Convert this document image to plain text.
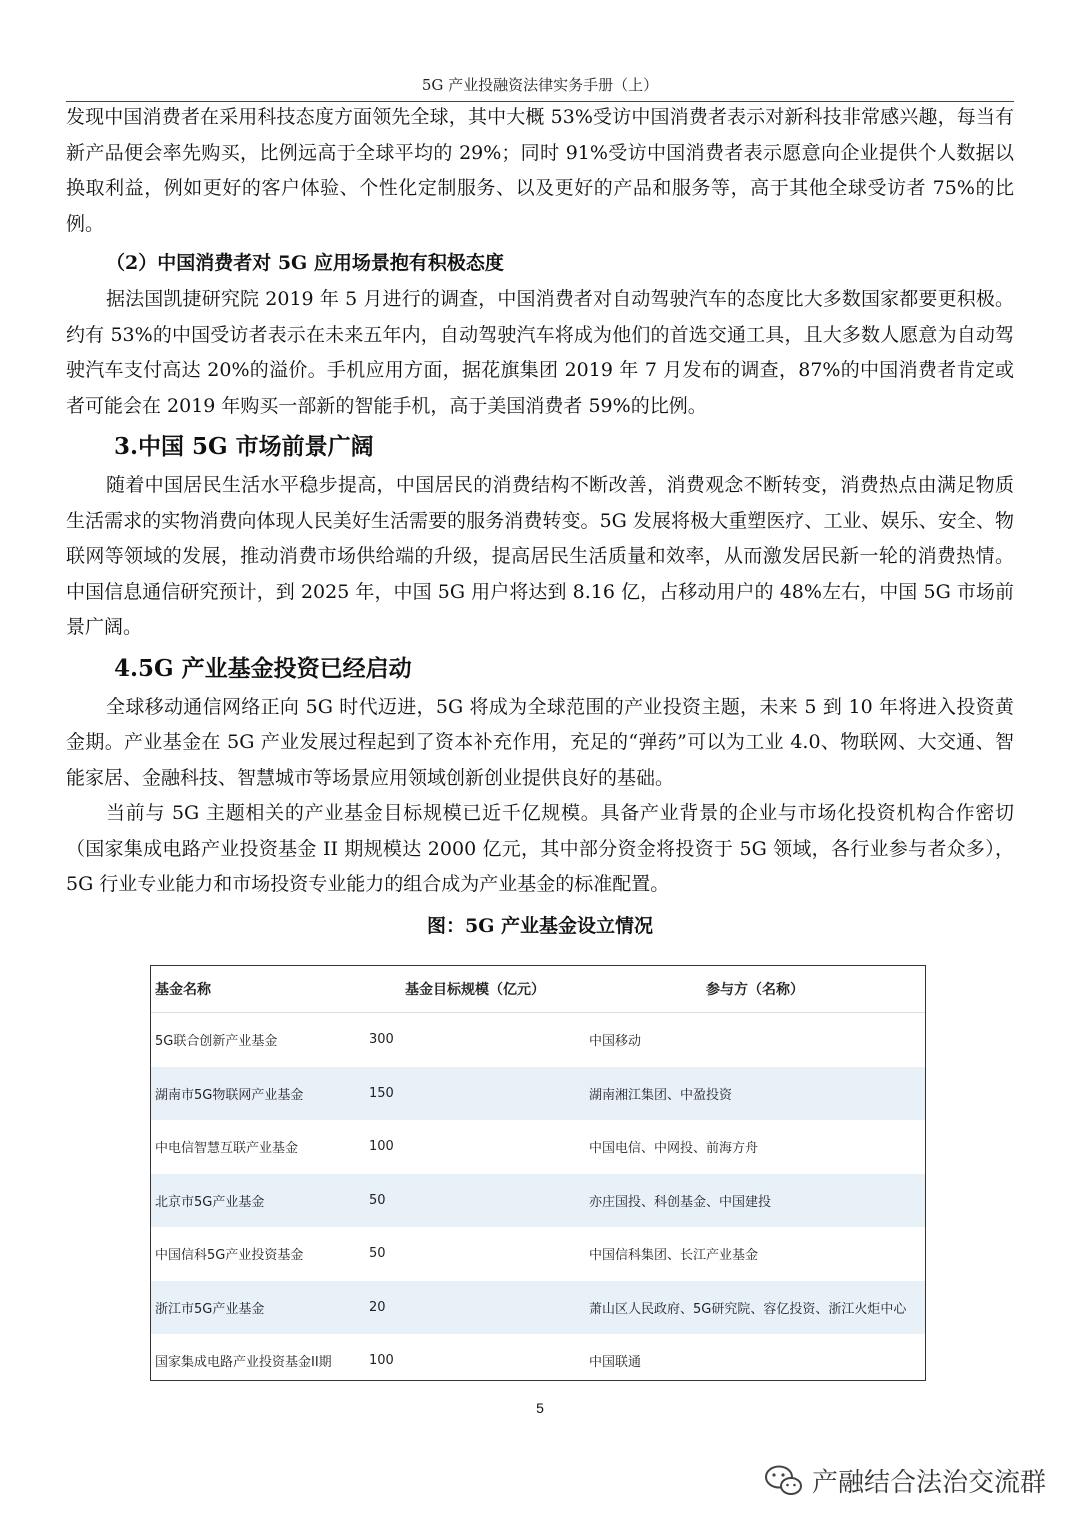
5G 产业投融资法律实务手册（上）

发现中国消费者在采用科技态度方面领先全球，其中大概 53%受访中国消费者表示对新科技非常感兴趣，每当有新产品便会率先购买，比例远高于全球平均的 29%；同时 91%受访中国消费者表示愿意向企业提供个人数据以换取利益，例如更好的客户体验、个性化定制服务、以及更好的产品和服务等，高于其他全球受访者 75%的比例。

（2）中国消费者对 5G 应用场景抱有积极态度

据法国凯捷研究院 2019 年 5 月进行的调查，中国消费者对自动驾驶汽车的态度比大多数国家都要更积极。约有 53%的中国受访者表示在未来五年内，自动驾驶汽车将成为他们的首选交通工具，且大多数人愿意为自动驾驶汽车支付高达 20%的溢价。手机应用方面，据花旗集团 2019 年 7 月发布的调查，87%的中国消费者肯定或者可能会在 2019 年购买一部新的智能手机，高于美国消费者 59%的比例。

3.中国 5G 市场前景广阔

随着中国居民生活水平稳步提高，中国居民的消费结构不断改善，消费观念不断转变，消费热点由满足物质生活需求的实物消费向体现人民美好生活需要的服务消费转变。5G 发展将极大重塑医疗、工业、娱乐、安全、物联网等领域的发展，推动消费市场供给端的升级，提高居民生活质量和效率，从而激发居民新一轮的消费热情。中国信息通信研究预计，到 2025 年，中国 5G 用户将达到 8.16 亿，占移动用户的 48%左右，中国 5G 市场前景广阔。

4.5G 产业基金投资已经启动

全球移动通信网络正向 5G 时代迈进，5G 将成为全球范围的产业投资主题，未来 5 到 10 年将进入投资黄金期。产业基金在 5G 产业发展过程起到了资本补充作用，充足的“弹药”可以为工业 4.0、物联网、大交通、智能家居、金融科技、智慧城市等场景应用领域创新创业提供良好的基础。

当前与 5G 主题相关的产业基金目标规模已近千亿规模。具备产业背景的企业与市场化投资机构合作密切（国家集成电路产业投资基金 II 期规模达 2000 亿元，其中部分资金将投资于 5G 领域，各行业参与者众多），5G 行业专业能力和市场投资专业能力的组合成为产业基金的标准配置。

图：5G 产业基金设立情况
基金名称	基金目标规模（亿元）	参与方（名称）
5G联合创新产业基金	300	中国移动
湖南市5G物联网产业基金	150	湖南湘江集团、中盈投资
中电信智慧互联产业基金	100	中国电信、中网投、前海方舟
北京市5G产业基金	50	亦庄国投、科创基金、中国建投
中国信科5G产业投资基金	50	中国信科集团、长江产业基金
浙江市5G产业基金	20	萧山区人民政府、5G研究院、容亿投资、浙江火炬中心
国家集成电路产业投资基金II期	100	中国联通
5
产融结合法治交流群
